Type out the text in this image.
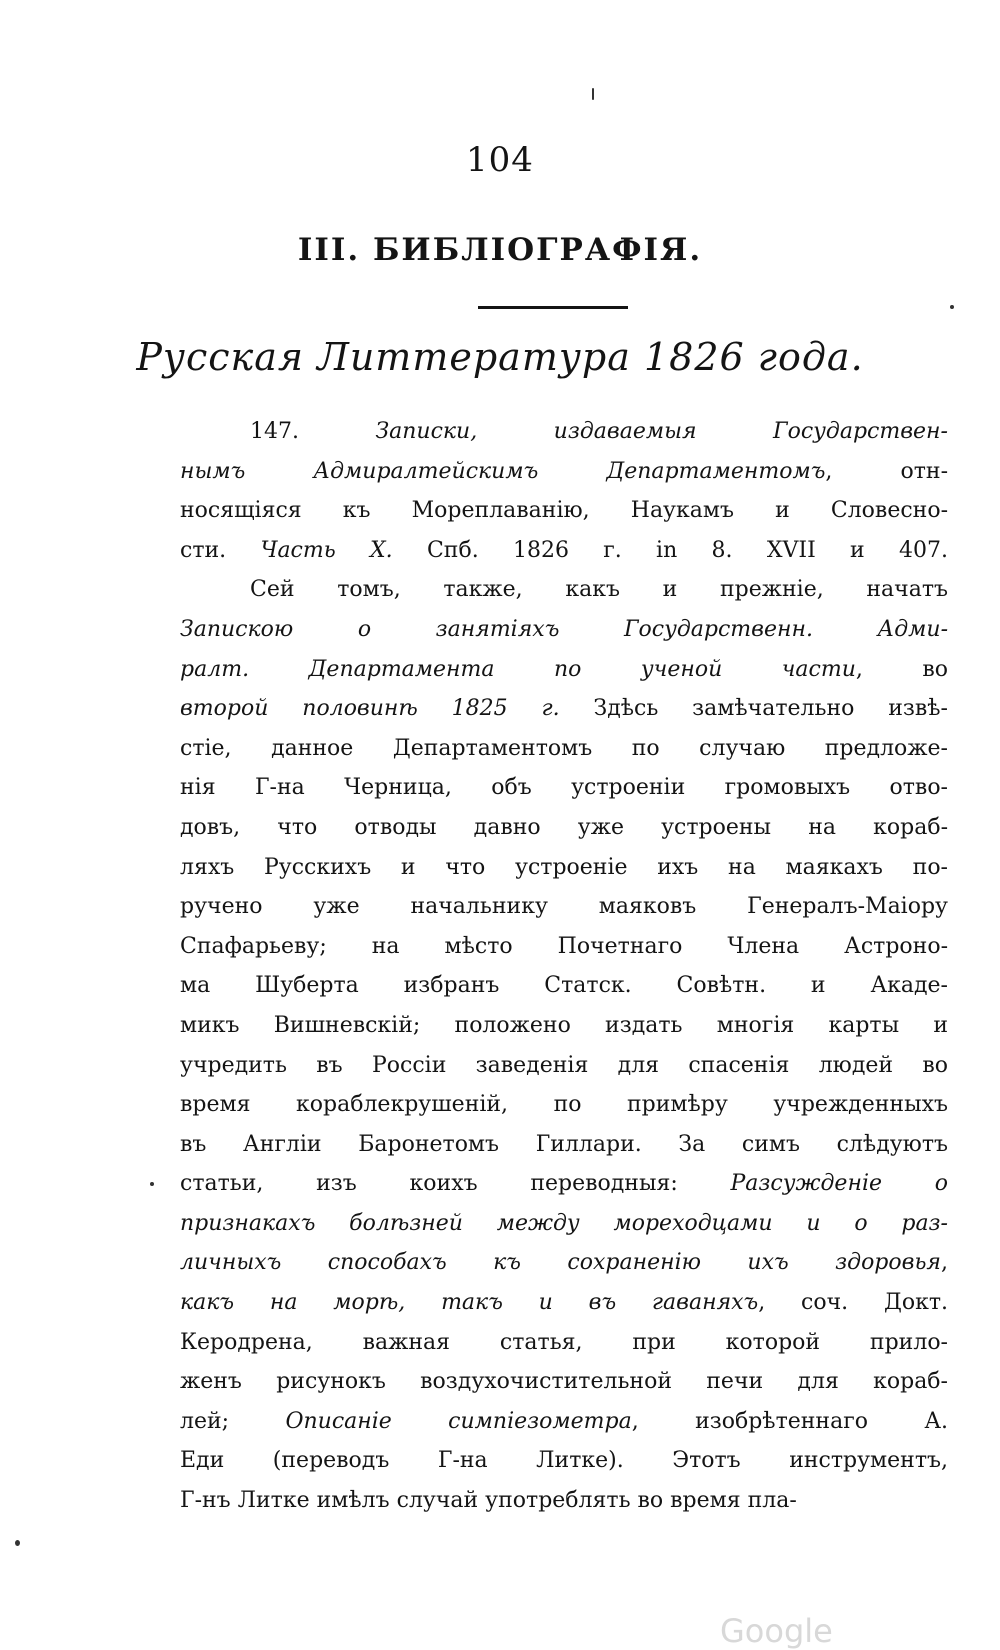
104
III. БИБЛIОГРАФIЯ.
Русская Литтература 1826 года.
147. Записки, издаваемыя Государствен-
нымъ Адмиралтейскимъ Департаментомъ, отн-
носящiяся къ Мореплаванiю, Наукамъ и Словесно-
сти. Часть X. Спб. 1826 г. in 8. XVII и 407.
Сей томъ, также, какъ и прежнiе, начатъ
Запискою о занятiяхъ Государственн. Адми-
ралт. Департамента по ученой части, во
второй половинѣ 1825 г. Здѣсь замѣчательно извѣ-
стiе, данное Департаментомъ по случаю предложе-
нiя Г-на Черница, объ устроенiи громовыхъ отво-
довъ, что отводы давно уже устроены на кораб-
ляхъ Русскихъ и что устроенiе ихъ на маякахъ по-
ручено уже начальнику маяковъ Генералъ-Маiору
Спафарьеву; на мѣсто Почетнаго Члена Астроно-
ма Шуберта избранъ Статск. Совѣтн. и Акаде-
микъ Вишневскiй; положено издать многiя карты и
учредить въ Россiи заведенiя для спасенiя людей во
время кораблекрушенiй, по примѣру учрежденныхъ
въ Англiи Баронетомъ Гиллари. За симъ слѣдуютъ
статьи, изъ коихъ переводныя: Разсужденiе о
признакахъ болѣзней между мореходцами и о раз-
личныхъ способахъ къ сохраненiю ихъ здоровья,
какъ на морѣ, такъ и въ гаваняхъ, соч. Докт.
Керодрена, важная статья, при которой прило-
женъ рисунокъ воздухочистительной печи для кораб-
лей; Описанiе симпiезометра, изобрѣтеннаго А.
Еди (переводъ Г-на Литке). Этотъ инструментъ,
Г-нъ Литке имѣлъ случай употреблять во время пла-
Google
